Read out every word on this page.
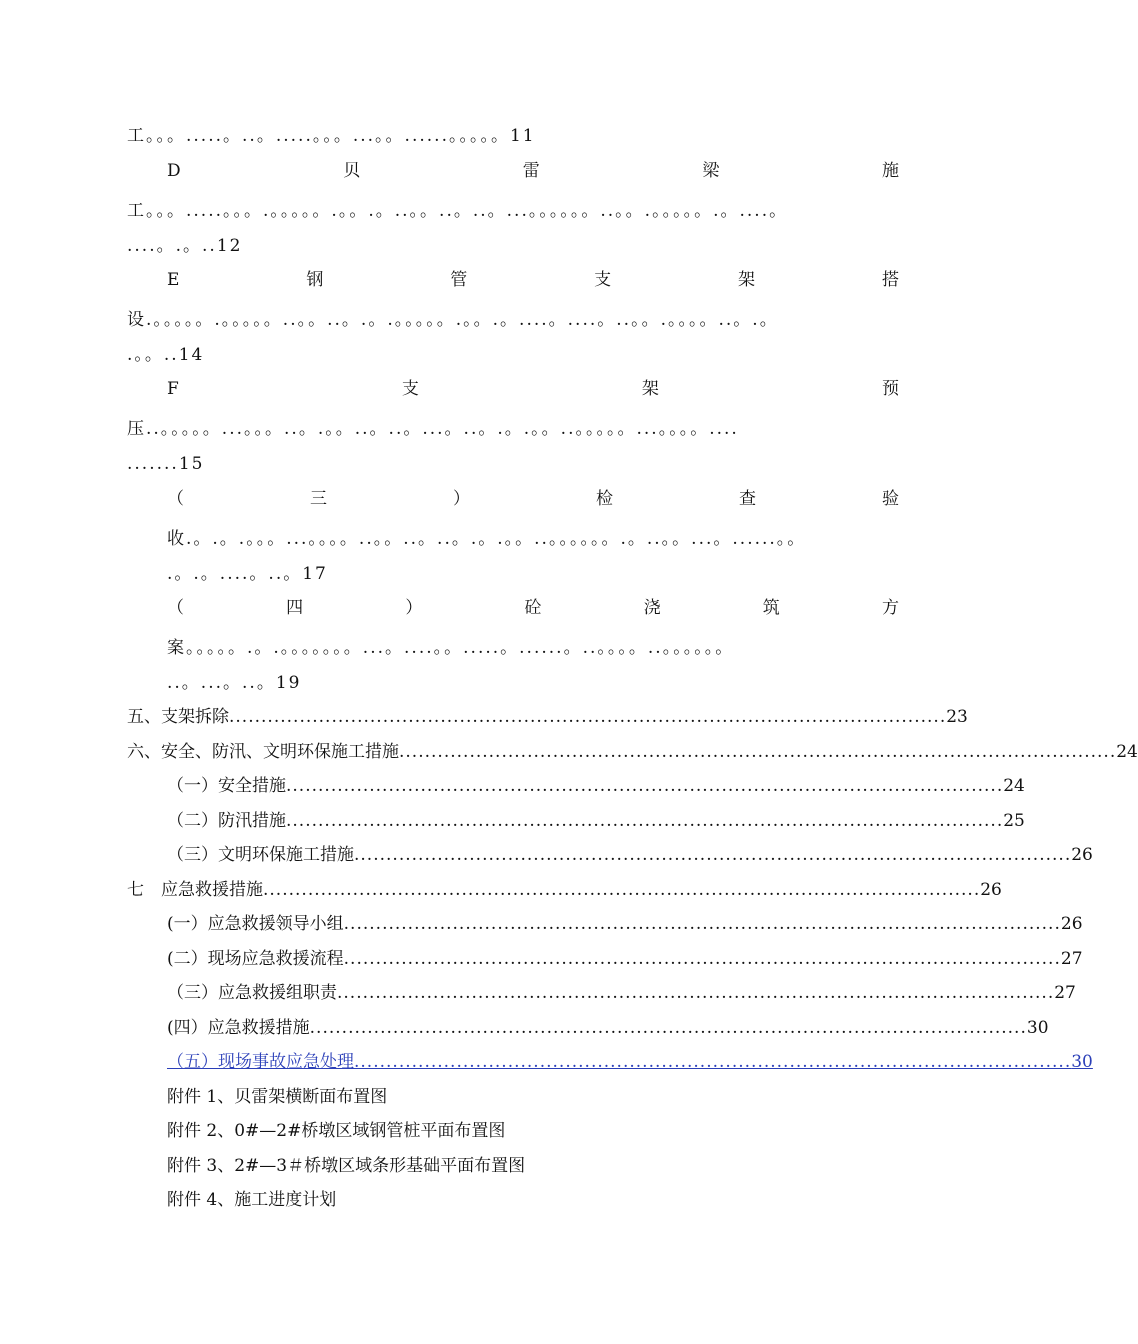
工。。。.....。..。.....。。。...。。......。。。。。11
D	贝	雷	梁	施
工。。。.....。。。.。。。。。.。。.。..。。..。..。...。。。。。。..。。.。。。。。.。....。
....。.。..12
E	钢	管	支	架	搭
设.。。。。。.。。。。。..。。..。.。.。。。。。.。。.。....。....。..。。.。。。。..。.。
.。。..14
F	支	架	预
压..。。。。。...。。。..。.。。..。..。...。..。.。.。。..。。。。。...。。。。....
.......15
（	三	）	检	查	验
收.。.。.。。。...。。。。..。。..。..。.。.。。..。。。。。。.。..。。...。......。。
.。.。....。..。17
（	四	）	砼	浇	筑	方
案。。。。。.。.。。。。。。。...。....。。.....。......。..。。。。..。。。。。。
..。...。..。19
五、支架拆除 ................................................................................................................ 23
六、安全、防汛、文明环保施工措施 ................................................................................................................ 24
（一）安全措施 ................................................................................................................ 24
（二）防汛措施 ................................................................................................................ 25
（三）文明环保施工措施 ................................................................................................................ 26
七　应急救援措施 ................................................................................................................ 26
(一）应急救援领导小组 ................................................................................................................ 26
(二）现场应急救援流程 ................................................................................................................ 27
（三）应急救援组职责 ................................................................................................................ 27
(四）应急救援措施 ................................................................................................................ 30
（五）现场事故应急处理 ................................................................................................................ 30
附件 1、贝雷架横断面布置图
附件 2、0#—2#桥墩区域钢管桩平面布置图
附件 3、2#—3＃桥墩区域条形基础平面布置图
附件 4、施工进度计划
